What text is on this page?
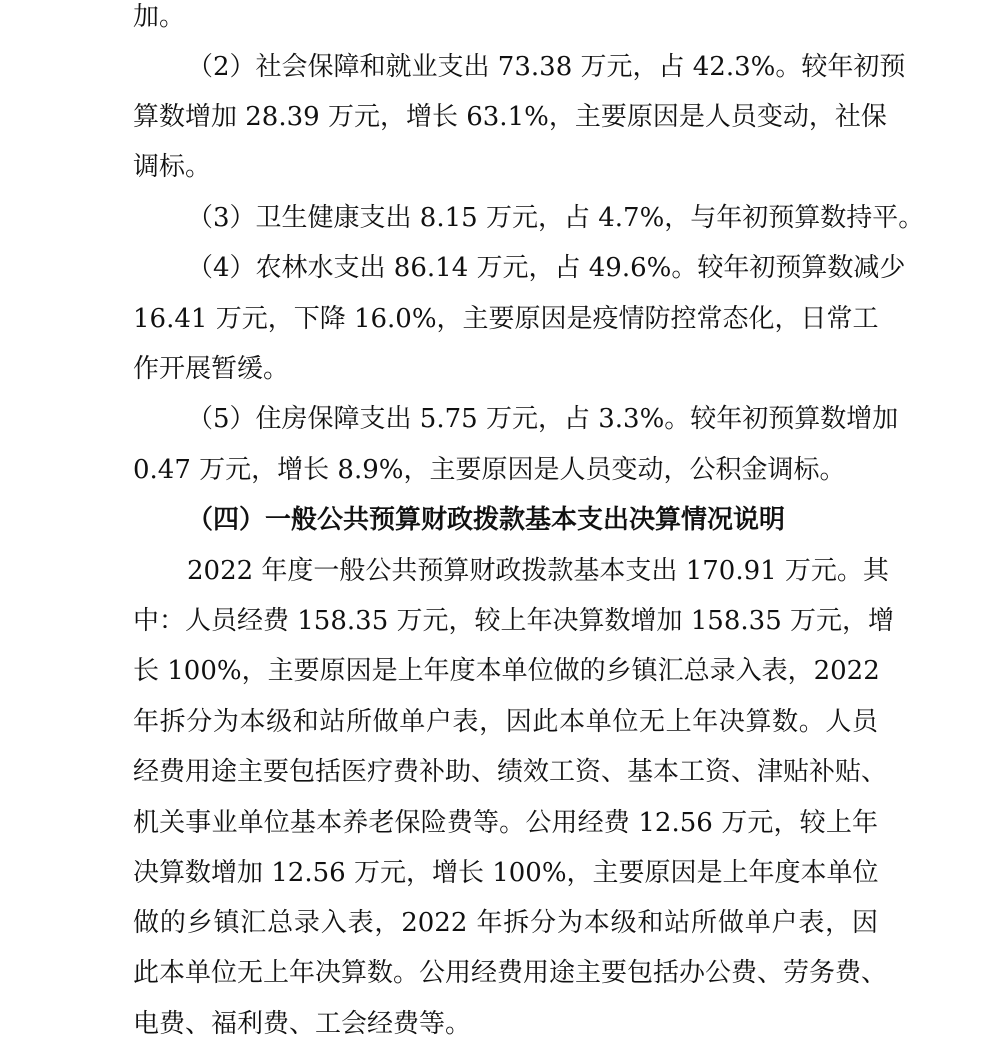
加。
（2）社会保障和就业支出 73.38 万元，占 42.3%。较年初预
算数增加 28.39 万元，增长 63.1%，主要原因是人员变动，社保
调标。
（3）卫生健康支出 8.15 万元，占 4.7%，与年初预算数持平。
（4）农林水支出 86.14 万元，占 49.6%。较年初预算数减少
16.41 万元，下降 16.0%，主要原因是疫情防控常态化，日常工
作开展暂缓。
（5）住房保障支出 5.75 万元，占 3.3%。较年初预算数增加
0.47 万元，增长 8.9%，主要原因是人员变动，公积金调标。
（四）一般公共预算财政拨款基本支出决算情况说明
2022 年度一般公共预算财政拨款基本支出 170.91 万元。其
中：人员经费 158.35 万元，较上年决算数增加 158.35 万元，增
长 100%，主要原因是上年度本单位做的乡镇汇总录入表，2022
年拆分为本级和站所做单户表，因此本单位无上年决算数。人员
经费用途主要包括医疗费补助、绩效工资、基本工资、津贴补贴、
机关事业单位基本养老保险费等。公用经费 12.56 万元，较上年
决算数增加 12.56 万元，增长 100%，主要原因是上年度本单位
做的乡镇汇总录入表，2022 年拆分为本级和站所做单户表，因
此本单位无上年决算数。公用经费用途主要包括办公费、劳务费、
电费、福利费、工会经费等。
